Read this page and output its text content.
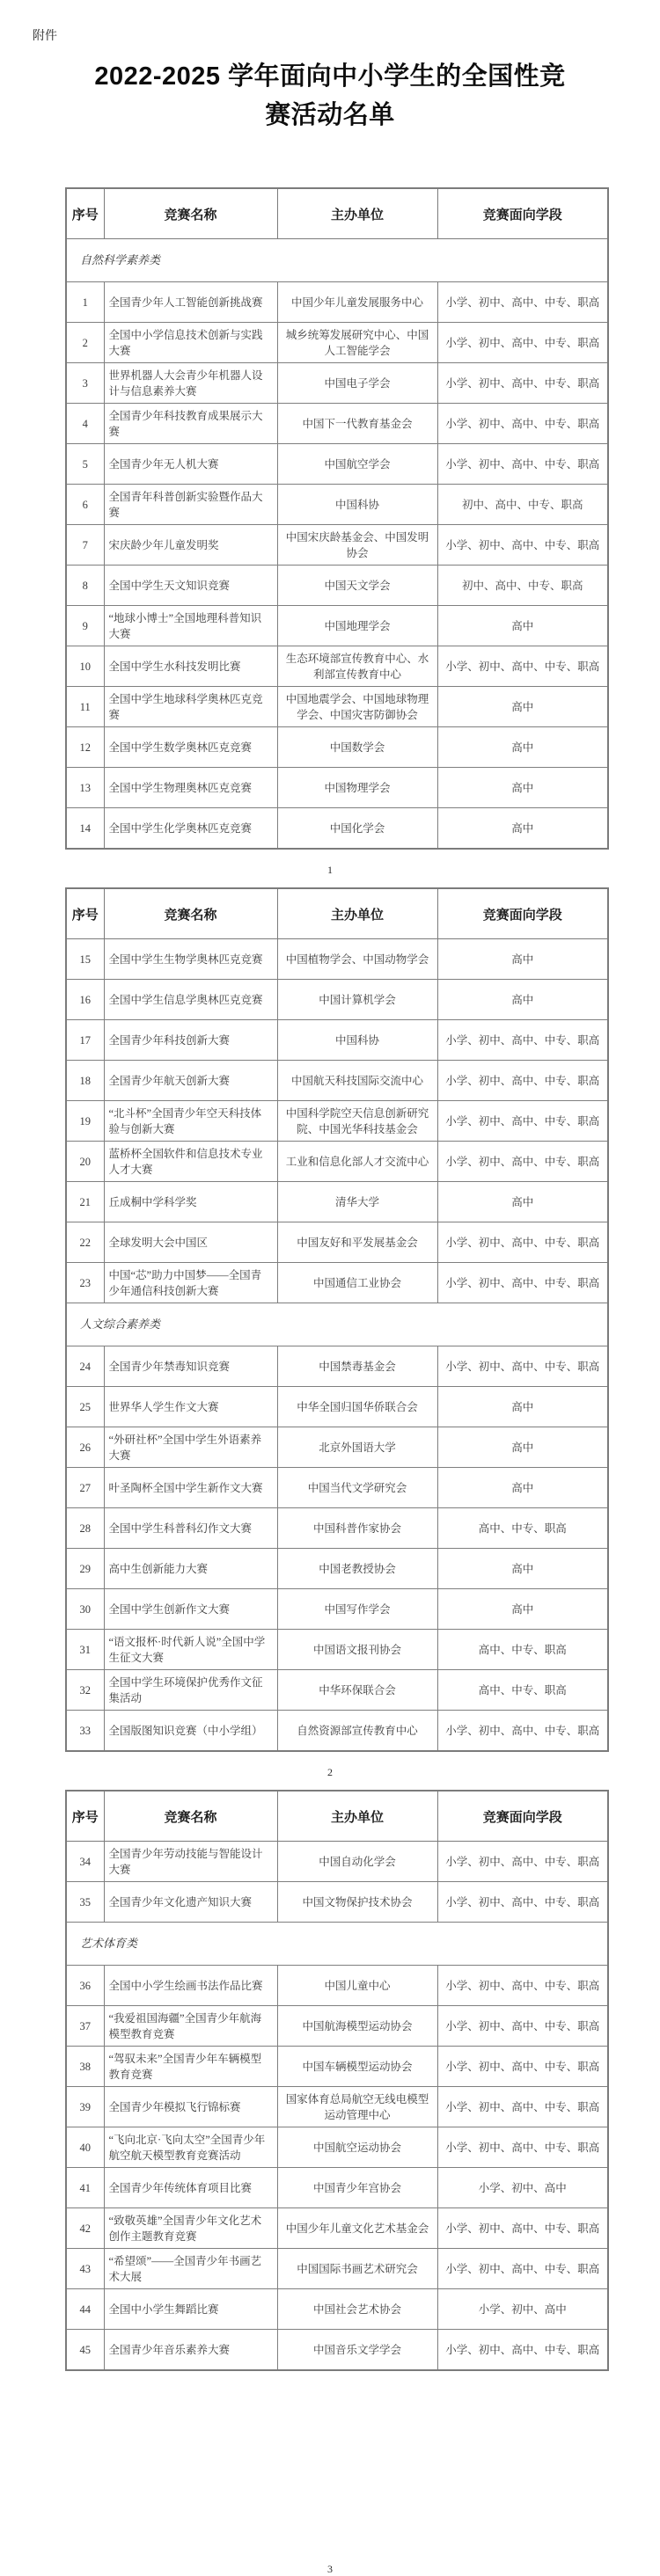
附件
2022-2025 学年面向中小学生的全国性竞赛活动名单
序号	竞赛名称	主办单位	竞赛面向学段
自然科学素养类			
1	全国青少年人工智能创新挑战赛	中国少年儿童发展服务中心	小学、初中、高中、中专、职高
2	全国中小学信息技术创新与实践大赛	城乡统筹发展研究中心、中国人工智能学会	小学、初中、高中、中专、职高
3	世界机器人大会青少年机器人设计与信息素养大赛	中国电子学会	小学、初中、高中、中专、职高
4	全国青少年科技教育成果展示大赛	中国下一代教育基金会	小学、初中、高中、中专、职高
5	全国青少年无人机大赛	中国航空学会	小学、初中、高中、中专、职高
6	全国青年科普创新实验暨作品大赛	中国科协	初中、高中、中专、职高
7	宋庆龄少年儿童发明奖	中国宋庆龄基金会、中国发明协会	小学、初中、高中、中专、职高
8	全国中学生天文知识竞赛	中国天文学会	初中、高中、中专、职高
9	“地球小博士”全国地理科普知识大赛	中国地理学会	高中
10	全国中学生水科技发明比赛	生态环境部宣传教育中心、水利部宣传教育中心	小学、初中、高中、中专、职高
11	全国中学生地球科学奥林匹克竞赛	中国地震学会、中国地球物理学会、中国灾害防御协会	高中
12	全国中学生数学奥林匹克竞赛	中国数学会	高中
13	全国中学生物理奥林匹克竞赛	中国物理学会	高中
14	全国中学生化学奥林匹克竞赛	中国化学会	高中
1
序号	竞赛名称	主办单位	竞赛面向学段
15	全国中学生生物学奥林匹克竞赛	中国植物学会、中国动物学会	高中
16	全国中学生信息学奥林匹克竞赛	中国计算机学会	高中
17	全国青少年科技创新大赛	中国科协	小学、初中、高中、中专、职高
18	全国青少年航天创新大赛	中国航天科技国际交流中心	小学、初中、高中、中专、职高
19	“北斗杯”全国青少年空天科技体验与创新大赛	中国科学院空天信息创新研究院、中国光华科技基金会	小学、初中、高中、中专、职高
20	蓝桥杯全国软件和信息技术专业人才大赛	工业和信息化部人才交流中心	小学、初中、高中、中专、职高
21	丘成桐中学科学奖	清华大学	高中
22	全球发明大会中国区	中国友好和平发展基金会	小学、初中、高中、中专、职高
23	中国“芯”助力中国梦——全国青少年通信科技创新大赛	中国通信工业协会	小学、初中、高中、中专、职高
人文综合素养类			
24	全国青少年禁毒知识竞赛	中国禁毒基金会	小学、初中、高中、中专、职高
25	世界华人学生作文大赛	中华全国归国华侨联合会	高中
26	“外研社杯”全国中学生外语素养大赛	北京外国语大学	高中
27	叶圣陶杯全国中学生新作文大赛	中国当代文学研究会	高中
28	全国中学生科普科幻作文大赛	中国科普作家协会	高中、中专、职高
29	高中生创新能力大赛	中国老教授协会	高中
30	全国中学生创新作文大赛	中国写作学会	高中
31	“语文报杯·时代新人说”全国中学生征文大赛	中国语文报刊协会	高中、中专、职高
32	全国中学生环境保护优秀作文征集活动	中华环保联合会	高中、中专、职高
33	全国版图知识竞赛（中小学组）	自然资源部宣传教育中心	小学、初中、高中、中专、职高
2
序号	竞赛名称	主办单位	竞赛面向学段
34	全国青少年劳动技能与智能设计大赛	中国自动化学会	小学、初中、高中、中专、职高
35	全国青少年文化遗产知识大赛	中国文物保护技术协会	小学、初中、高中、中专、职高
艺术体育类			
36	全国中小学生绘画书法作品比赛	中国儿童中心	小学、初中、高中、中专、职高
37	“我爱祖国海疆”全国青少年航海模型教育竞赛	中国航海模型运动协会	小学、初中、高中、中专、职高
38	“驾驭未来”全国青少年车辆模型教育竞赛	中国车辆模型运动协会	小学、初中、高中、中专、职高
39	全国青少年模拟飞行锦标赛	国家体育总局航空无线电模型运动管理中心	小学、初中、高中、中专、职高
40	“飞向北京·飞向太空”全国青少年航空航天模型教育竞赛活动	中国航空运动协会	小学、初中、高中、中专、职高
41	全国青少年传统体育项目比赛	中国青少年宫协会	小学、初中、高中
42	“致敬英雄”全国青少年文化艺术创作主题教育竞赛	中国少年儿童文化艺术基金会	小学、初中、高中、中专、职高
43	“希望颂”——全国青少年书画艺术大展	中国国际书画艺术研究会	小学、初中、高中、中专、职高
44	全国中小学生舞蹈比赛	中国社会艺术协会	小学、初中、高中
45	全国青少年音乐素养大赛	中国音乐文学学会	小学、初中、高中、中专、职高
3
